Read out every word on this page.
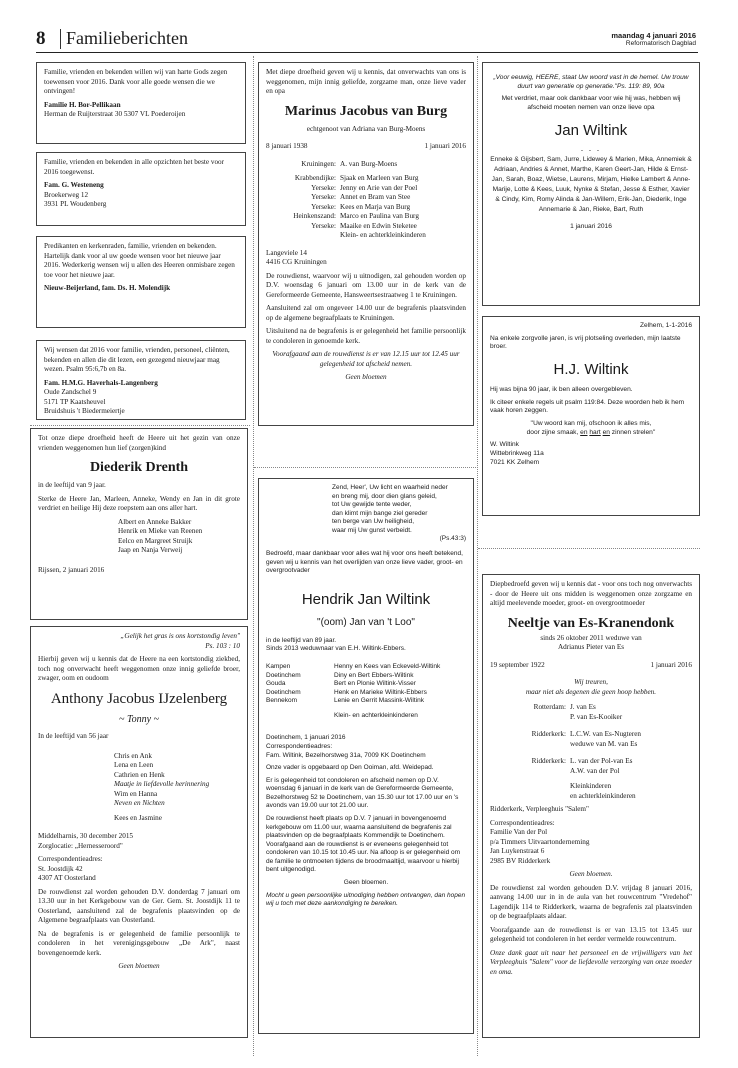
8 Familieberichten	maandag 4 januari 2016
Reformatorisch Dagblad

Familie, vrienden en bekenden willen wij van harte Gods zegen toewensen voor 2016. Dank voor alle goede wensen die we ontvingen!

Familie H. Bor-Pellikaan
Herman de Ruijterstraat 30 5307 VL Poederoijen

Familie, vrienden en bekenden in alle opzichten het beste voor 2016 toegewenst.

Fam. G. Westeneng
Broekerweg 12
3931 PL Woudenberg

Predikanten en kerkenraden, familie, vrienden en bekenden. Hartelijk dank voor al uw goede wensen voor het nieuwe jaar 2016. Wederkerig wensen wij u allen des Heeren onmisbare zegen toe voor het nieuwe jaar.

Nieuw-Beijerland, fam. Ds. H. Molendijk

Wij wensen dat 2016 voor familie, vrienden, personeel, cliënten, bekenden en allen die dit lezen, een gezegend nieuwjaar mag wezen. Psalm 95:6,7b en 8a.

Fam. H.M.G. Haverhals-Langenberg
Oude Zandschel 9
5171 TP Kaatsheuvel
Bruidshuis 't Biedermeiertje

Tot onze diepe droefheid heeft de Heere uit het gezin van onze vrienden weggenomen hun lief (zorgen)kind

Diederik Drenth

in de leeftijd van 9 jaar.

Sterke de Heere Jan, Marleen, Anneke, Wendy en Jan in dit grote verdriet en heilige Hij deze roepstem aan ons aller hart.

Albert en Anneke Bakker
Henrik en Mieke van Reenen
Eelco en Margreet Struijk
Jaap en Nanja Verweij
Rijssen, 2 januari 2016
„Gelijk het gras is ons kortstondig leven"
Ps. 103 : 10

Hierbij geven wij u kennis dat de Heere na een kortstondig ziekbed, toch nog onverwacht heeft weggenomen onze innig geliefde broer, zwager, oom en oudoom

Anthony Jacobus IJzelenberg
~ Tonny ~

In de leeftijd van 56 jaar

Chris en Ank
Lena en Leen
Cathrien en Henk
Maatje in liefdevolle herinnering
Wim en Hanna
Neven en Nichten
Kees en Jasmine
Middelharnis, 30 december 2015

Zorglocatie: „Hernesseroord"

Correspondentieadres:
St. Joostdijk 42

4307 AT Oosterland

De rouwdienst zal worden gehouden D.V. donderdag 7 januari om 13.30 uur in het Kerkgebouw van de Ger. Gem. St. Joostdijk 11 te Oosterland, aansluitend zal de begrafenis plaatsvinden op de Algemene begraafplaats van Oosterland.

Na de begrafenis is er gelegenheid de familie persoonlijk te condoleren in het verenigingsgebouw „De Ark", naast bovengenoemde kerk.

Geen bloemen

Met diepe droefheid geven wij u kennis, dat onverwachts van ons is weggenomen, mijn innig geliefde, zorgzame man, onze lieve vader en opa

Marinus Jacobus van Burg
echtgenoot van Adriana van Burg-Moens
8 januari 1938	1 januari 2016
Kruiningen: A. van Burg-Moens
Krabbendijke: Sjaak en Marleen van Burg
Yerseke: Jenny en Arie van der Poel
Yerseke: Annet en Bram van Stee
Yerseke: Kees en Marja van Burg
Heinkenszand: Marco en Paulina van Burg
Yerseke: Maaike en Edwin Steketee
Klein- en achterkleinkinderen
Langeviele 14

4416 CG Kruiningen

De rouwdienst, waarvoor wij u uitnodigen, zal gehouden worden op D.V. woensdag 6 januari om 13.00 uur in de kerk van de Gereformeerde Gemeente, Hansweertsestraatweg 1 te Kruiningen.

Aansluitend zal om ongeveer 14.00 uur de begrafenis plaatsvinden op de algemene begraafplaats te Kruiningen.

Uitsluitend na de begrafenis is er gelegenheid het familie persoonlijk te condoleren in genoemde kerk.

Voorafgaand aan de rouwdienst is er van 12.15 uur tot 12.45 uur gelegenheid tot afscheid nemen.

Geen bloemen
Zend, Heer', Uw licht en waarheid neder
en breng mij, door dien glans geleid,
tot Uw gewijde tente weder,
dan klimt mijn bange ziel gereder
ten berge van Uw heiligheid,
waar mij Uw gunst verbeidt.
(Ps.43:3)

Bedroefd, maar dankbaar voor alles wat hij voor ons heeft betekend, geven wij u kennis van het overlijden van onze lieve vader, groot- en overgrootvader

Hendrik Jan Wiltink
"(oom) Jan van 't Loo"
in de leeftijd van 89 jaar.

Sinds 2013 weduwnaar van E.H. Wiltink-Ebbers.

Kampen	Henny en Kees van Eckeveld-Wiltink
Doetinchem	Diny en Bert Ebbers-Wiltink
Gouda	Bert en Plonie Wiltink-Visser
Doetinchem	Henk en Marieke Wiltink-Ebbers
Bennekom	Lenie en Gerrit Massink-Wiltink
Klein- en achterkleinkinderen
Doetinchem, 1 januari 2016
Correspondentieadres:

Fam. Wiltink, Bezelhorstweg 31a, 7009 KK Doetinchem

Onze vader is opgebaard op Den Ooiman, afd. Weidepad.

Er is gelegenheid tot condoleren en afscheid nemen op D.V. woensdag 6 januari in de kerk van de Gereformeerde Gemeente, Bezelhorstweg 52 te Doetinchem, van 15.30 uur tot 17.00 uur en 's avonds van 19.00 uur tot 21.00 uur.

De rouwdienst heeft plaats op D.V. 7 januari in bovengenoemd kerkgebouw om 11.00 uur, waarna aansluitend de begrafenis zal plaatsvinden op de begraafplaats Kommendijk te Doetinchem. Voorafgaand aan de rouwdienst is er eveneens gelegenheid tot condoleren van 10.15 tot 10.45 uur. Na afloop is er gelegenheid om de familie te ontmoeten tijdens de broodmaaltijd, waarvoor u hierbij bent uitgenodigd.

Geen bloemen.

Mocht u geen persoonlijke uitnodiging hebben ontvangen, dan hopen wij u toch met deze aankondiging te bereiken.

„Voor eeuwig, HEERE, staat Uw woord vast in de hemel. Uw trouw duurt van generatie op generatie."Ps. 119: 89, 90a

Met verdriet, maar ook dankbaar voor wie hij was, hebben wij afscheid moeten nemen van onze lieve opa

Jan Wiltink
- - -

Enneke & Gijsbert, Sam, Jurre, Lidewey & Marien, Mika, Annemiek & Adriaan, Andries & Annet, Marthe, Karen Geert-Jan, Hilde & Ernst-Jan, Sarah, Boaz, Wietse, Laurens, Mirjam, Hielke Lambert & Anne-Marije, Lotte & Kees, Luuk, Nynke & Stefan, Jesse & Esther, Xavier & Cindy, Kim, Romy Alinda & Jan-Willem, Erik-Jan, Diederik, Inge Annemarie & Jan, Rieke, Bart, Ruth

1 januari 2016

Zelhem, 1-1-2016

Na enkele zorgvolle jaren, is vrij plotseling overleden, mijn laatste broer.

H.J. Wiltink

Hij was bijna 90 jaar, ik ben alleen overgebleven.

Ik citeer enkele regels uit psalm 119:84. Deze woorden heb ik hem vaak horen zeggen.

''Uw woord kan mij, ofschoon ik alles mis,

door zijne smaak, en hart en zinnen strelen''

W. Wiltink
Wittebrinkweg 11a
7021 KK Zelhem

Diepbedroefd geven wij u kennis dat - voor ons toch nog onverwachts - door de Heere uit ons midden is weggenomen onze zorgzame en altijd meelevende moeder, groot- en overgrootmoeder

Neeltje van Es-Kranendonk
sinds 26 oktober 2011 weduwe van
Adrianus Pieter van Es
19 september 1922	1 januari 2016
Wij treuren,

maar niet als degenen die geen hoop hebben.

Rotterdam: J. van Es
P. van Es-Kooiker
Ridderkerk: L.C.W. van Es-Nugteren
weduwe van M. van Es
Ridderkerk: L. van der Pol-van Es
A.W. van der Pol
Kleinkinderen

en achterkleinkinderen

Ridderkerk, Verpleeghuis "Salem"

Correspondentieadres:
Familie Van der Pol
p/a Timmers Uitvaartonderneming
Jan Luykenstraat 6

2985 BV Ridderkerk

Geen bloemen.

De rouwdienst zal worden gehouden D.V. vrijdag 8 januari 2016, aanvang 14.00 uur in in de aula van het rouwcentrum "Vredehof" Lagendijk 114 te Ridderkerk, waarna de begrafenis zal plaatsvinden op de begraafplaats aldaar.

Voorafgaande aan de rouwdienst is er van 13.15 tot 13.45 uur gelegenheid tot condoleren in het eerder vermelde rouwcentrum.

Onze dank gaat uit naar het personeel en de vrijwilligers van het Verpleeghuis "Salem" voor de liefdevolle verzorging van onze moeder en oma.
